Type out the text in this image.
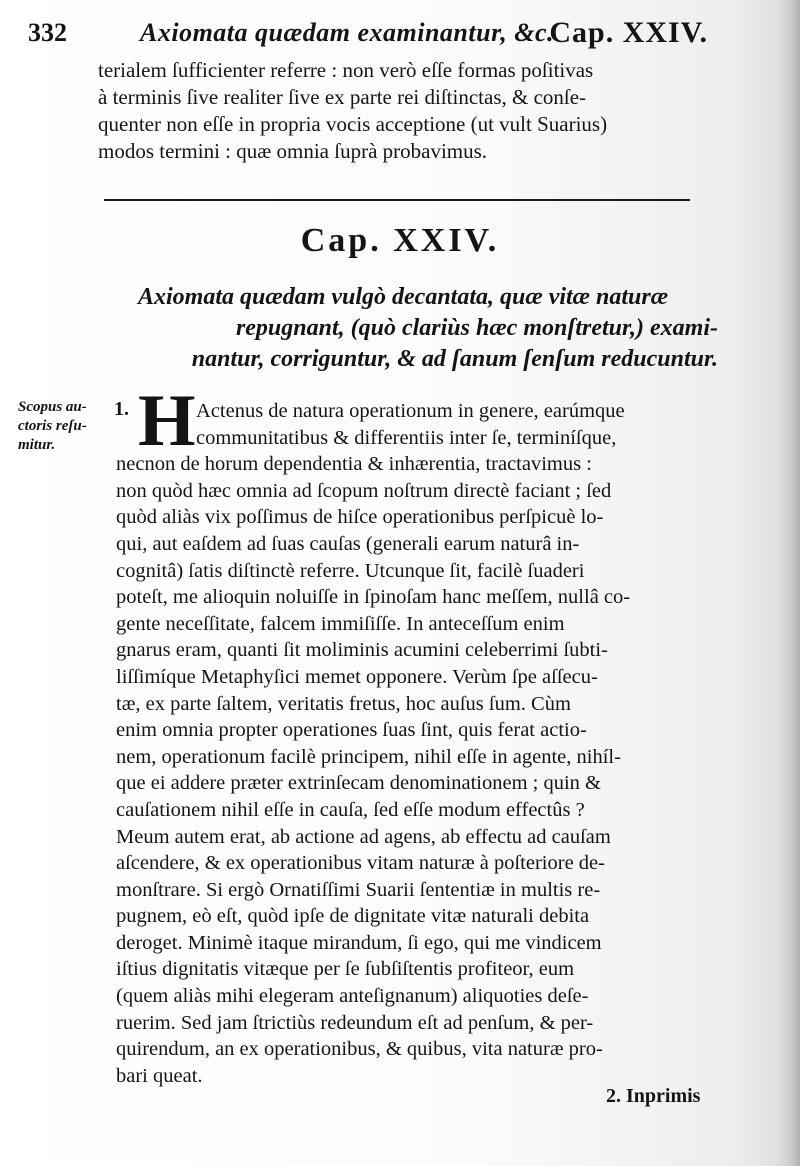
332	Axiomata quædam examinantur, &c.
Cap. XXIV.
terialem ſufficienter referre : non verò eſſe formas poſitivas
à terminis ſive realiter ſive ex parte rei diſtinctas, & conſe-
quenter non eſſe in propria vocis acceptione (ut vult Suarius)
modos termini : quæ omnia ſuprà probavimus.
Cap. XXIV.
Axiomata quædam vulgò decantata, quæ vitæ naturæ
repugnant, (quò clariùs hæc monſtretur,) exami-
nantur, corriguntur, & ad ſanum ſenſum reducuntur.
Scopus au-
ctoris reſu-
mitur.
1. H Actenus de natura operationum in genere, earúmque
communitatibus & differentiis inter ſe, terminíſque,
necnon de horum dependentia & inhærentia, tractavimus :
non quòd hæc omnia ad ſcopum noſtrum directè faciant ; ſed
quòd aliàs vix poſſimus de hiſce operationibus perſpicuè lo-
qui, aut eaſdem ad ſuas cauſas (generali earum naturâ in-
cognitâ) ſatis diſtinctè referre. Utcunque ſit, facilè ſuaderi
poteſt, me alioquin noluiſſe in ſpinoſam hanc meſſem, nullâ co-
gente neceſſitate, falcem immiſiſſe. In anteceſſum enim
gnarus eram, quanti ſit moliminis acumini celeberrimi ſubti-
liſſimíque Metaphyſici memet opponere. Verùm ſpe aſſecu-
tæ, ex parte ſaltem, veritatis fretus, hoc auſus ſum. Cùm
enim omnia propter operationes ſuas ſint, quis ferat actio-
nem, operationum facilè principem, nihil eſſe in agente, nihíl-
que ei addere præter extrinſecam denominationem ; quin &
cauſationem nihil eſſe in cauſa, ſed eſſe modum effectûs ?
Meum autem erat, ab actione ad agens, ab effectu ad cauſam
aſcendere, & ex operationibus vitam naturæ à poſteriore de-
monſtrare. Si ergò Ornatiſſimi Suarii ſententiæ in multis re-
pugnem, eò eſt, quòd ipſe de dignitate vitæ naturali debita
deroget. Minimè itaque mirandum, ſi ego, qui me vindicem
iſtius dignitatis vitæque per ſe ſubſiſtentis profiteor, eum
(quem aliàs mihi elegeram anteſignanum) aliquoties deſe-
ruerim. Sed jam ſtrictiùs redeundum eſt ad penſum, & per-
quirendum, an ex operationibus, & quibus, vita naturæ pro-
bari queat.
2. Inprimis
